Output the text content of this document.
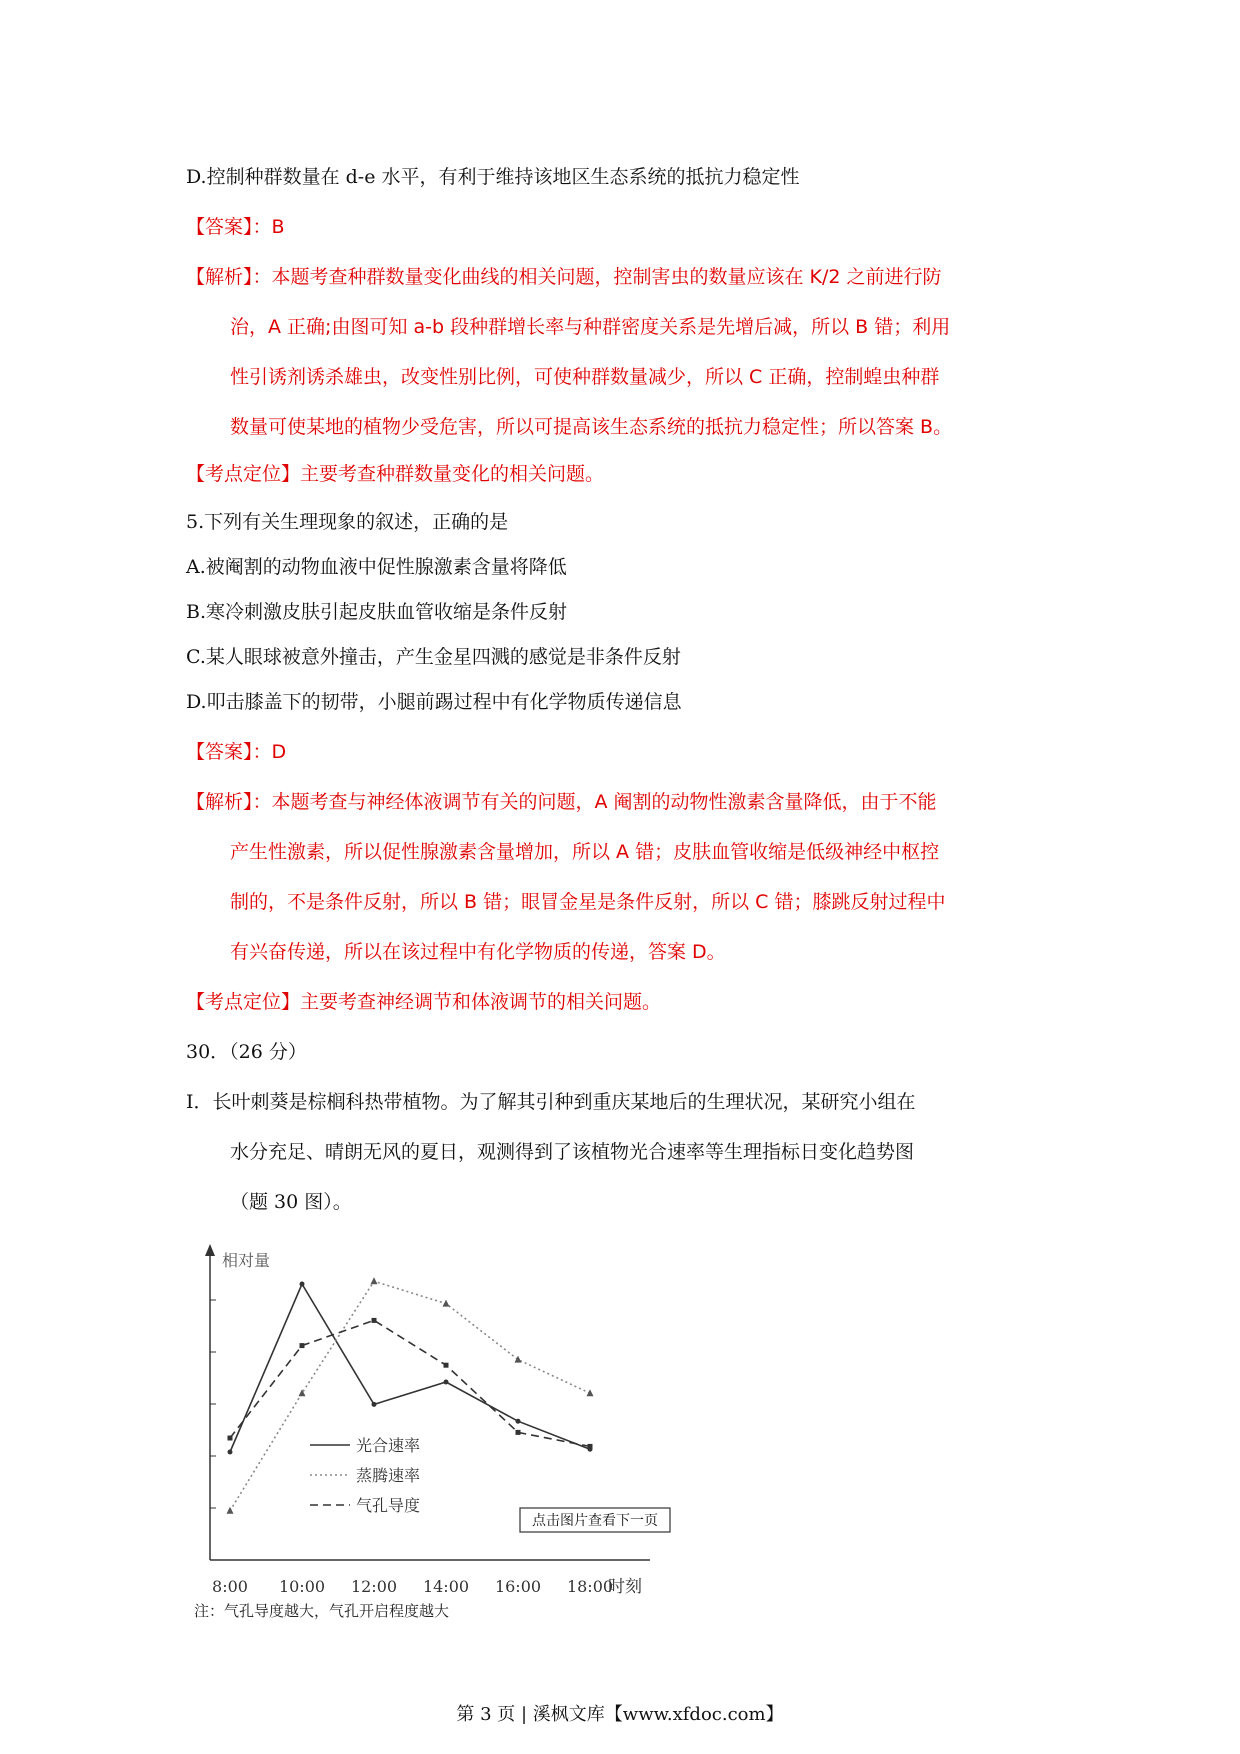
D.控制种群数量在 d-e 水平，有利于维持该地区生态系统的抵抗力稳定性
【答案】：B
【解析】：本题考查种群数量变化曲线的相关问题，控制害虫的数量应该在 K/2 之前进行防
治，A 正确;由图可知 a-b 段种群增长率与种群密度关系是先增后减，所以 B 错；利用
性引诱剂诱杀雄虫，改变性别比例，可使种群数量减少，所以 C 正确，控制蝗虫种群
数量可使某地的植物少受危害，所以可提高该生态系统的抵抗力稳定性；所以答案 B。
【考点定位】主要考查种群数量变化的相关问题。
5.下列有关生理现象的叙述，正确的是
A.被阉割的动物血液中促性腺激素含量将降低
B.寒冷刺激皮肤引起皮肤血管收缩是条件反射
C.某人眼球被意外撞击，产生金星四溅的感觉是非条件反射
D.叩击膝盖下的韧带，小腿前踢过程中有化学物质传递信息
【答案】：D
【解析】：本题考查与神经体液调节有关的问题，A 阉割的动物性激素含量降低，由于不能
产生性激素，所以促性腺激素含量增加，所以 A 错；皮肤血管收缩是低级神经中枢控
制的，不是条件反射，所以 B 错；眼冒金星是条件反射，所以 C 错；膝跳反射过程中
有兴奋传递，所以在该过程中有化学物质的传递，答案 D。
【考点定位】主要考查神经调节和体液调节的相关问题。
30．（26 分）
I．长叶刺葵是棕榈科热带植物。为了解其引种到重庆某地后的生理状况，某研究小组在
水分充足、晴朗无风的夏日，观测得到了该植物光合速率等生理指标日变化趋势图
（题 30 图）。
相对量
时刻
8:00 10:00 12:00 14:00 16:00 18:00
光合速率
蒸腾速率
气孔导度
点击图片查看下一页
注：气孔导度越大，气孔开启程度越大
第 3 页 | 溪枫文库【www.xfdoc.com】
